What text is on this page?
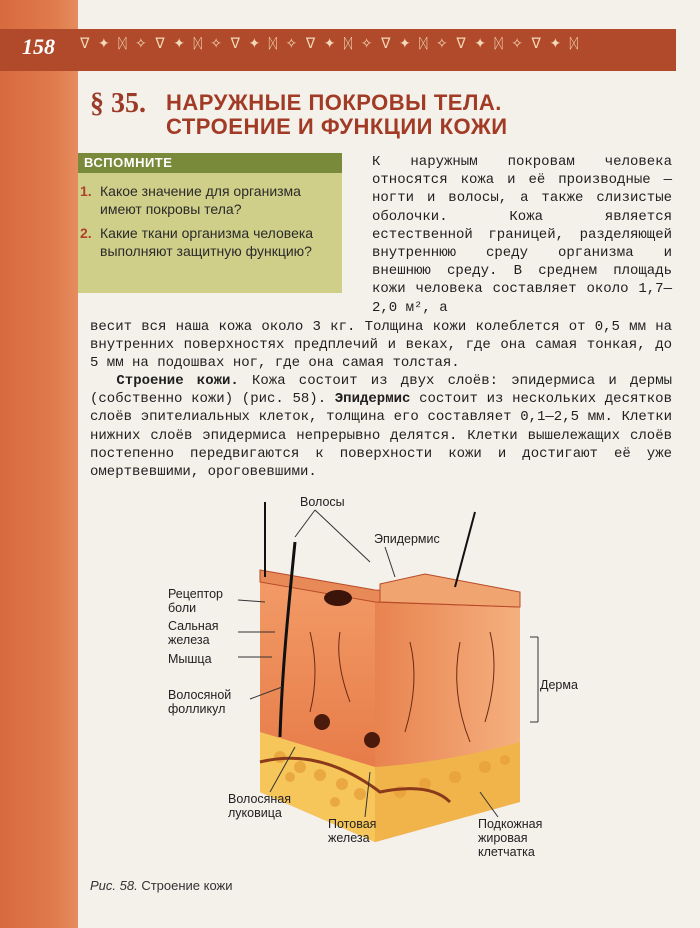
158 ᐁ ✦ ᛞ ✧ ᐁ ✦ ᛞ ✧ ᐁ ✦ ᛞ ✧ ᐁ ✦ ᛞ ✧ ᐁ ✦ ᛞ ✧ ᐁ ✦ ᛞ ✧ ᐁ ✦ ᛞ
§ 35. НАРУЖНЫЕ ПОКРОВЫ ТЕЛА.
СТРОЕНИЕ И ФУНКЦИИ КОЖИ
ВСПОМНИТЕ
1. Какое значение для организма имеют покровы тела?
2. Какие ткани организма человека выполняют защитную функцию?
К наружным покровам человека относятся кожа и её производные — ногти и волосы, а также слизистые оболочки. Кожа является естественной границей, разделяющей внутреннюю среду организма и внешнюю среду. В среднем площадь кожи человека составляет около 1,7—2,0 м², а
весит вся наша кожа около 3 кг. Толщина кожи колеблется от 0,5 мм на внутренних поверхностях предплечий и веках, где она самая тонкая, до 5 мм на подошвах ног, где она самая толстая.
Строение кожи. Кожа состоит из двух слоёв: эпидермиса и дермы (собственно кожи) (рис. 58). Эпидермис состоит из нескольких десятков слоёв эпителиальных клеток, толщина его составляет 0,1—2,5 мм. Клетки нижних слоёв эпидермиса непрерывно делятся. Клетки вышележащих слоёв постепенно передвигаются к поверхности кожи и достигают её уже омертвевшими, ороговевшими.
Волосы
Эпидермис
Рецептор боли
Сальная железа
Мышца
Волосяной фолликул
Дерма
Волосяная луковица
Потовая железа
Подкожная жировая клетчатка
Рис. 58. Строение кожи
